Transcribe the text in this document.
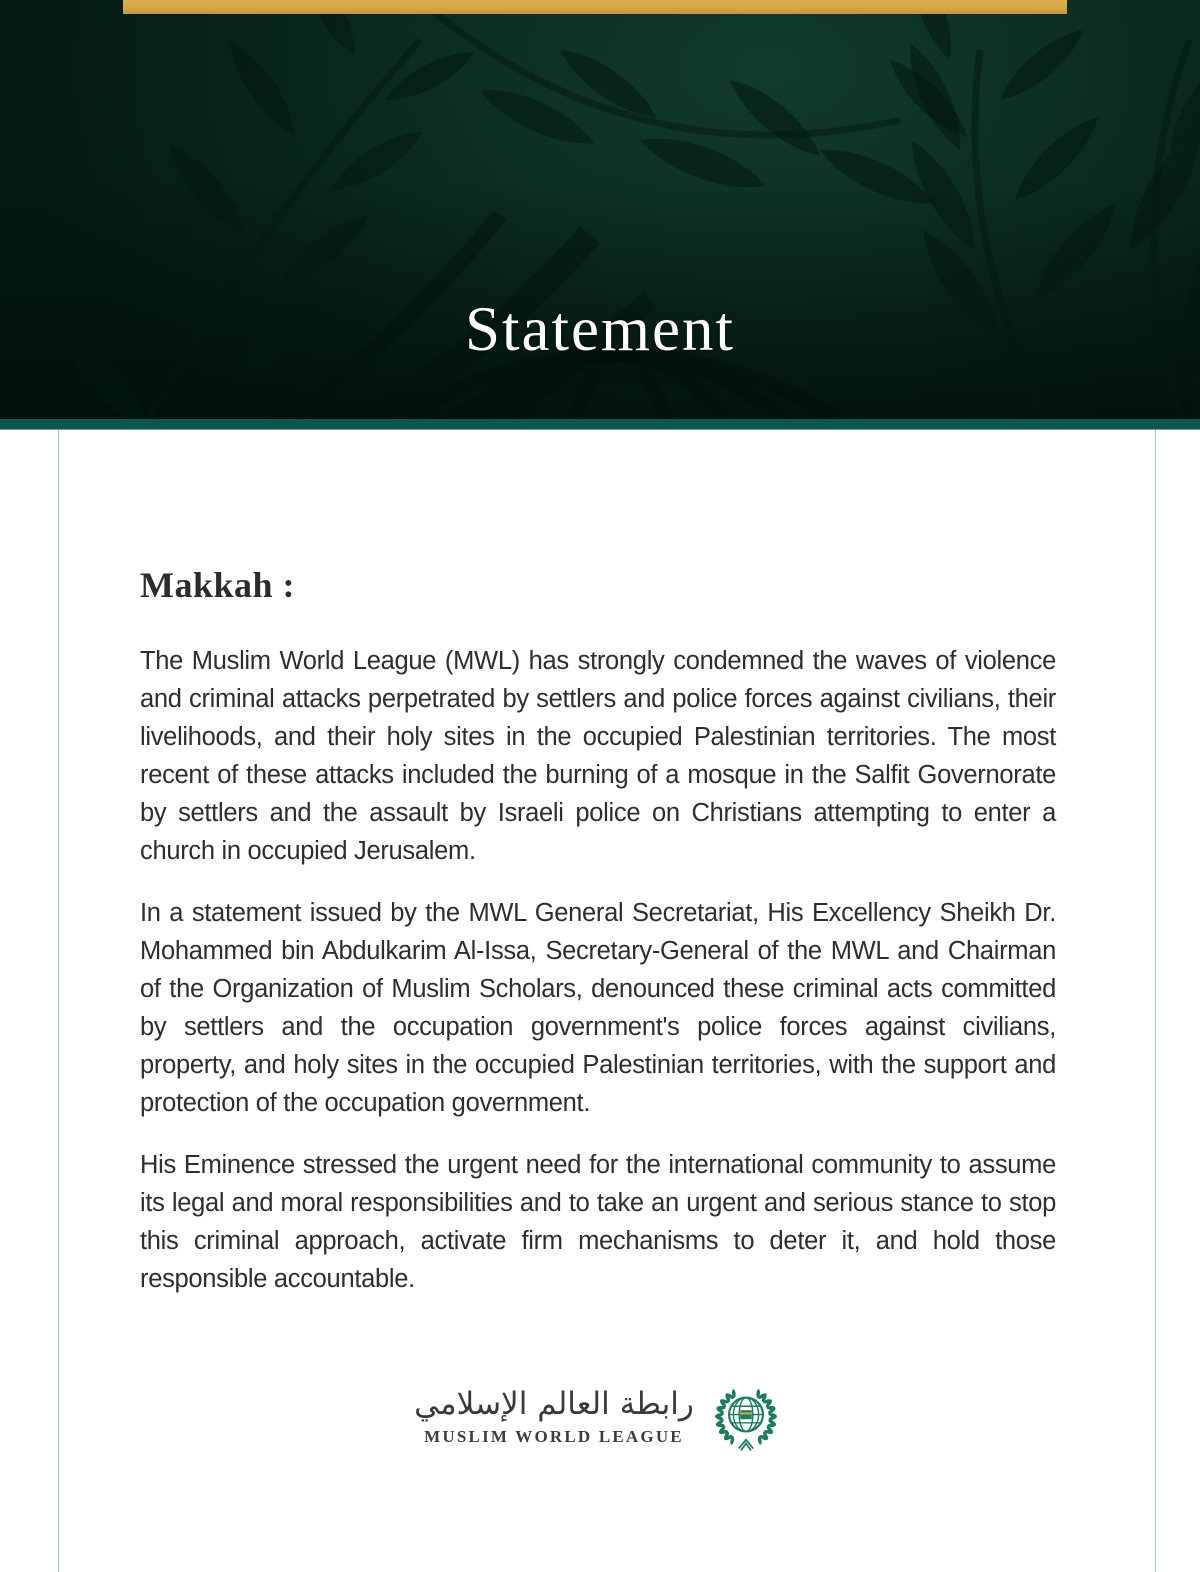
Statement
Makkah :

The Muslim World League (MWL) has strongly condemned the waves of violence and criminal attacks perpetrated by settlers and police forces against civilians, their livelihoods, and their holy sites in the occupied Palestinian territories. The most recent of these attacks included the burning of a mosque in the Salfit Governorate by settlers and the assault by Israeli police on Christians attempting to enter a church in occupied Jerusalem.

In a statement issued by the MWL General Secretariat, His Excellency Sheikh Dr. Mohammed bin Abdulkarim Al-Issa, Secretary-General of the MWL and Chairman of the Organization of Muslim Scholars, denounced these criminal acts committed by settlers and the occupation government's police forces against civilians, property, and holy sites in the occupied Palestinian territories, with the support and protection of the occupation government.

His Eminence stressed the urgent need for the international community to assume its legal and moral responsibilities and to take an urgent and serious stance to stop this criminal approach, activate firm mechanisms to deter it, and hold those responsible accountable.

رابطة العالم الإسلامي
MUSLIM WORLD LEAGUE
